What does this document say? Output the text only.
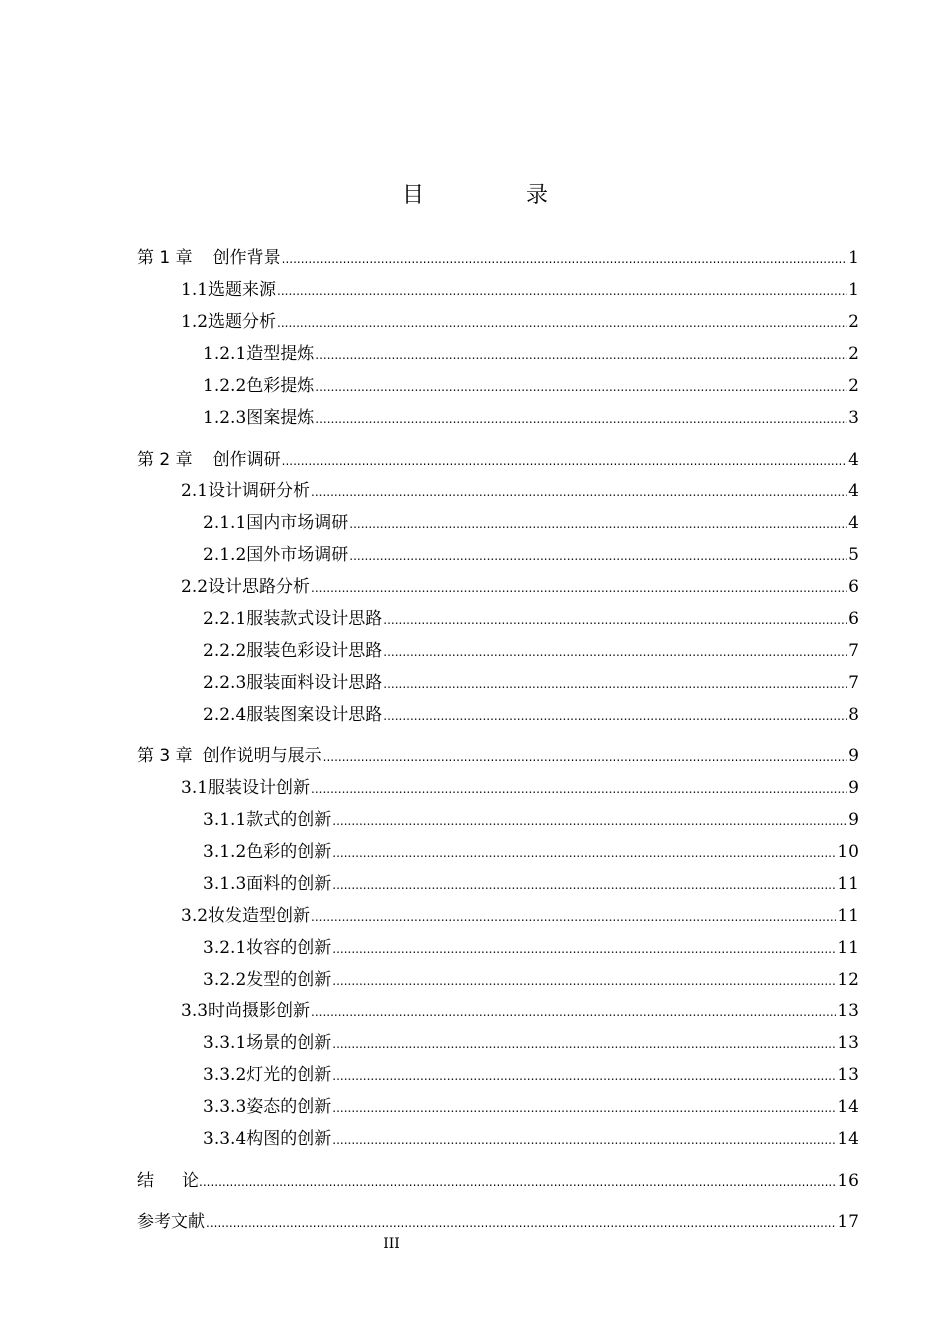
目　录
第 1 章 创作背景 .....	1
1.1 选题来源 .....	1
1.2 选题分析 .....	2
1.2.1 造型提炼 .....	2
1.2.2 色彩提炼 .....	2
1.2.3 图案提炼 .....	3
第 2 章 创作调研 .....	4
2.1 设计调研分析 .....	4
2.1.1 国内市场调研 .....	4
2.1.2 国外市场调研 .....	5
2.2 设计思路分析 .....	6
2.2.1 服装款式设计思路 .....	6
2.2.2 服装色彩设计思路 .....	7
2.2.3 服装面料设计思路 .....	7
2.2.4 服装图案设计思路 .....	8
第 3 章 创作说明与展示 .....	9
3.1 服装设计创新 .....	9
3.1.1 款式的创新 .....	9
3.1.2 色彩的创新 .....	10
3.1.3 面料的创新 .....	11
3.2 妆发造型创新 .....	11
3.2.1 妆容的创新 .....	11
3.2.2 发型的创新 .....	12
3.3 时尚摄影创新 .....	13
3.3.1 场景的创新 .....	13
3.3.2 灯光的创新 .....	13
3.3.3 姿态的创新 .....	14
3.3.4 构图的创新 .....	14
结论 .....	16
参考文献 .....	17
III
